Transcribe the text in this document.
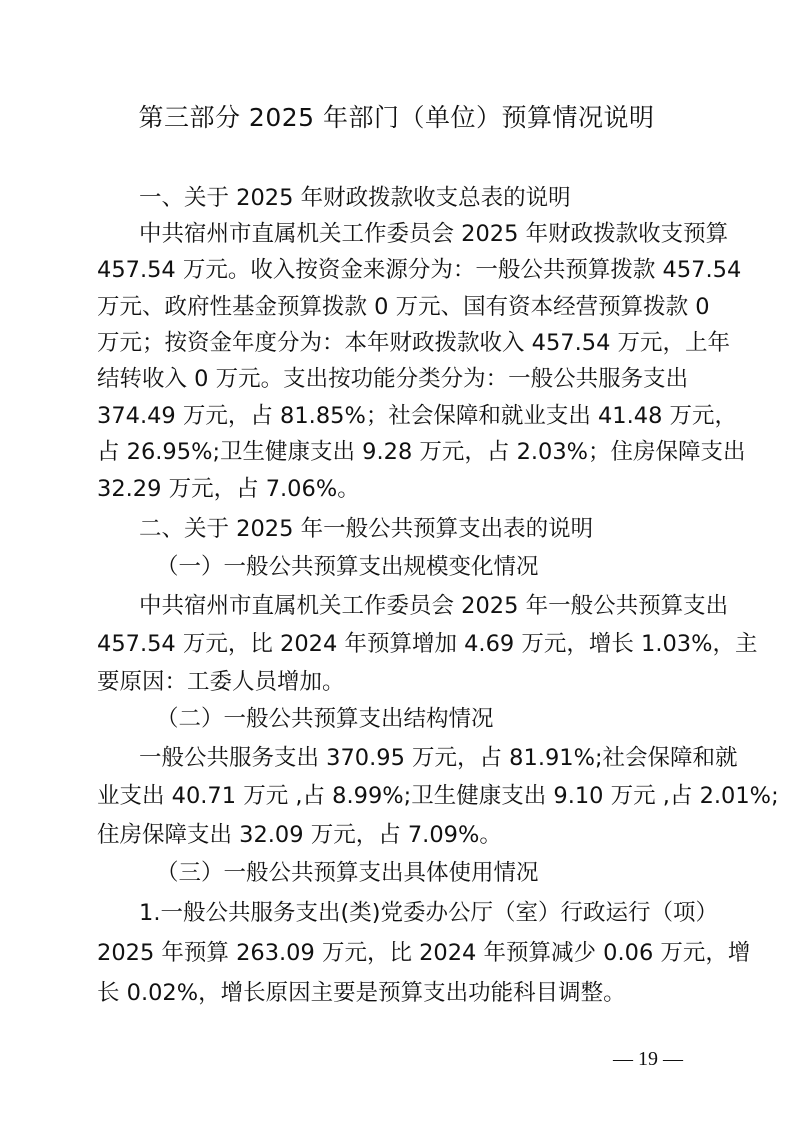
第三部分 2025 年部门（单位）预算情况说明
一、关于 2025 年财政拨款收支总表的说明
中共宿州市直属机关工作委员会 2025 年财政拨款收支预算
457.54 万元。收入按资金来源分为：一般公共预算拨款 457.54
万元、政府性基金预算拨款 0 万元、国有资本经营预算拨款 0
万元；按资金年度分为：本年财政拨款收入 457.54 万元，上年
结转收入 0 万元。支出按功能分类分为：一般公共服务支出
374.49 万元，占 81.85%；社会保障和就业支出 41.48 万元，
占 26.95%;卫生健康支出 9.28 万元，占 2.03%；住房保障支出
32.29 万元，占 7.06%。
二、关于 2025 年一般公共预算支出表的说明
（一）一般公共预算支出规模变化情况
中共宿州市直属机关工作委员会 2025 年一般公共预算支出
457.54 万元，比 2024 年预算增加 4.69 万元，增长 1.03%，主
要原因：工委人员增加。
（二）一般公共预算支出结构情况
一般公共服务支出 370.95 万元，占 81.91%;社会保障和就
业支出 40.71 万元 ,占 8.99%;卫生健康支出 9.10 万元 ,占 2.01%;
住房保障支出 32.09 万元，占 7.09%。
（三）一般公共预算支出具体使用情况
1.一般公共服务支出(类)党委办公厅（室）行政运行（项）
2025 年预算 263.09 万元，比 2024 年预算减少 0.06 万元，增
长 0.02%，增长原因主要是预算支出功能科目调整。
— 19 —
